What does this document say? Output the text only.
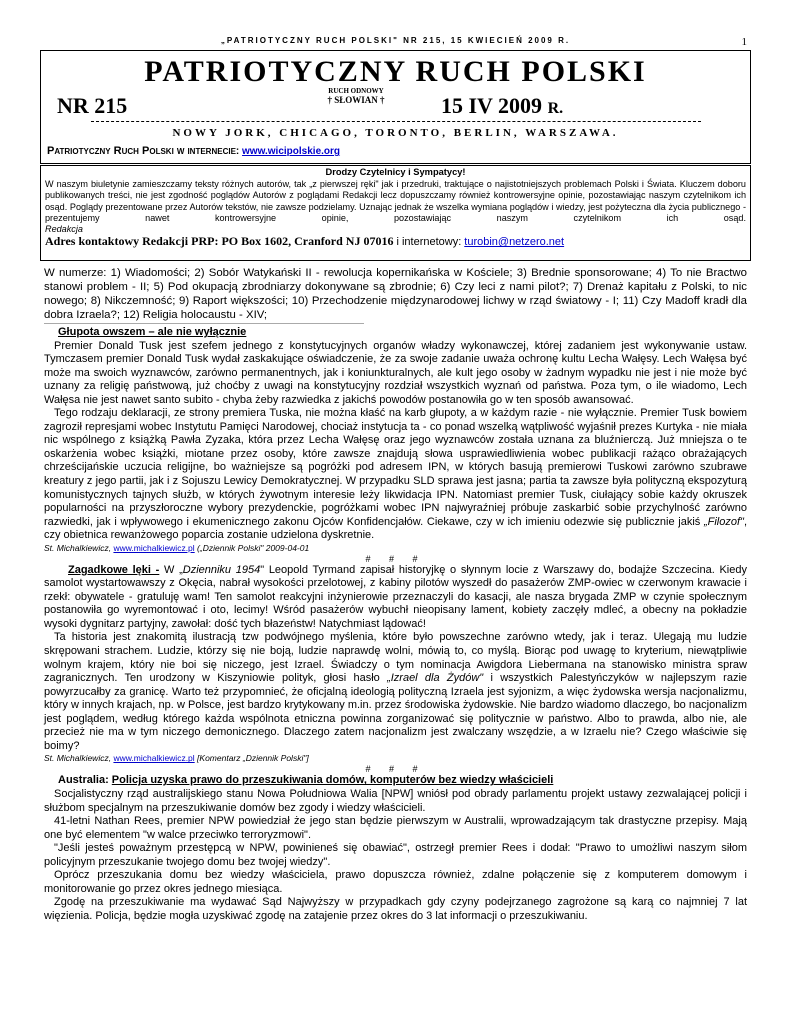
„PATRIOTYCZNY RUCH POLSKI" NR 215, 15 KWIECIEŃ 2009 R.	1
PATRIOTYCZNY RUCH POLSKI
NR 215
RUCH ODNOWY
† SŁOWIAN †	15 IV 2009 R.
NOWY JORK, CHICAGO, TORONTO, BERLIN, WARSZAWA.
Patriotyczny Ruch Polski w internecie: www.wicipolskie.org
Drodzy Czytelnicy i Sympatycy!
W naszym biuletynie zamieszczamy teksty różnych autorów, tak „z pierwszej ręki" jak i przedruki, traktujące o najistotniejszych problemach Polski i Świata. Kluczem doboru publikowanych treści, nie jest zgodność poglądów Autorów z poglądami Redakcji lecz dopuszczamy również kontrowersyjne opinie, pozostawiając naszym czytelnikom ich osąd. Poglądy prezentowane przez Autorów tekstów, nie zawsze podzielamy. Uznając jednak że wszelka wymiana poglądów i wiedzy, jest pożyteczna dla życia publicznego - prezentujemy nawet kontrowersyjne opinie, pozostawiając naszym czytelnikom ich osąd.
Redakcja
Adres kontaktowy Redakcji PRP: PO Box 1602, Cranford NJ 07016 i internetowy: turobin@netzero.net
W numerze: 1) Wiadomości; 2) Sobór Watykański II - rewolucja kopernikańska w Kościele; 3) Brednie sponsorowane; 4) To nie Bractwo stanowi problem - II; 5) Pod okupacją zbrodniarzy dokonywane są zbrodnie; 6) Czy leci z nami pilot?; 7) Drenaż kapitału z Polski, to nic nowego; 8) Nikczemność; 9) Raport większości; 10) Przechodzenie międzynarodowej lichwy w rząd światowy - I; 11) Czy Madoff kradł dla dobra Izraela?; 12) Religia holocaustu - XIV;
Głupota owszem – ale nie wyłącznie

Premier Donald Tusk jest szefem jednego z konstytucyjnych organów władzy wykonawczej, której zadaniem jest wykonywanie ustaw. Tymczasem premier Donald Tusk wydał zaskakujące oświadczenie, że za swoje zadanie uważa ochronę kultu Lecha Wałęsy. Lech Wałęsa być może ma swoich wyznawców, zarówno permanentnych, jak i koniunkturalnych, ale kult jego osoby w żadnym wypadku nie jest i nie może być uznany za religię państwową, już choćby z uwagi na konstytucyjny rozdział wszystkich wyznań od państwa. Poza tym, o ile wiadomo, Lech Wałęsa nie jest nawet santo subito - chyba żeby razwiedka z jakichś powodów postanowiła go w ten sposób awansować.

Tego rodzaju deklaracji, ze strony premiera Tuska, nie można kłaść na karb głupoty, a w każdym razie - nie wyłącznie. Premier Tusk bowiem zagroził represjami wobec Instytutu Pamięci Narodowej, chociaż instytucja ta - co ponad wszelką wątpliwość wyjaśnił prezes Kurtyka - nie miała nic wspólnego z książką Pawła Zyzaka, która przez Lecha Wałęsę oraz jego wyznawców została uznana za bluźnierczą. Już mniejsza o te oskarżenia wobec książki, miotane przez osoby, które zawsze znajdują słowa usprawiedliwienia wobec publikacji rażąco obrażających chrześcijańskie uczucia religijne, bo ważniejsze są pogróżki pod adresem IPN, w których basują premierowi Tuskowi zarówno szubrawe kreatury z jego partii, jak i z Sojuszu Lewicy Demokratycznej. W przypadku SLD sprawa jest jasna; partia ta zawsze była polityczną ekspozyturą komunistycznych tajnych służb, w których żywotnym interesie leży likwidacja IPN. Natomiast premier Tusk, ciułający sobie każdy okruszek popularności na przyszłoroczne wybory prezydenckie, pogróżkami wobec IPN najwyraźniej próbuje zaskarbić sobie przychylność zarówno razwiedki, jak i wpływowego i ekumenicznego zakonu Ojców Konfidencjałów. Ciekawe, czy w ich imieniu odezwie się publicznie jakiś „Filozof", czy obietnica rewanżowego poparcia zostanie udzielona dyskretnie.

St. Michalkiewicz, www.michalkiewicz.pl („Dziennik Polski" 2009-04-01
# # #

Zagadkowe lęki - W „Dzienniku 1954" Leopold Tyrmand zapisał historyjkę o słynnym locie z Warszawy do, bodajże Szczecina. Kiedy samolot wystartowawszy z Okęcia, nabrał wysokości przelotowej, z kabiny pilotów wyszedł do pasażerów ZMP-owiec w czerwonym krawacie i rzekł: obywatele - gratuluję wam! Ten samolot reakcyjni inżynierowie przeznaczyli do kasacji, ale nasza brygada ZMP w czynie społecznym postanowiła go wyremontować i oto, lecimy! Wśród pasażerów wybuchł nieopisany lament, kobiety zaczęły mdleć, a obecny na pokładzie wysoki dygnitarz partyjny, zawołał: dość tych błazeństw! Natychmiast lądować!

Ta historia jest znakomitą ilustracją tzw podwójnego myślenia, które było powszechne zarówno wtedy, jak i teraz. Ulegają mu ludzie skrępowani strachem. Ludzie, którzy się nie boją, ludzie naprawdę wolni, mówią to, co myślą. Biorąc pod uwagę to kryterium, niewątpliwie wolnym krajem, który nie boi się niczego, jest Izrael. Świadczy o tym nominacja Awigdora Liebermana na stanowisko ministra spraw zagranicznych. Ten urodzony w Kiszyniowie polityk, głosi hasło „Izrael dla Żydów" i wszystkich Palestyńczyków w najlepszym razie powyrzucałby za granicę. Warto też przypomnieć, że oficjalną ideologią polityczną Izraela jest syjonizm, a więc żydowska wersja nacjonalizmu, który w innych krajach, np. w Polsce, jest bardzo krytykowany m.in. przez środowiska żydowskie. Nie bardzo wiadomo dlaczego, bo nacjonalizm jest poglądem, według którego każda wspólnota etniczna powinna zorganizować się politycznie w państwo. Albo to prawda, albo nie, ale przecież nie ma w tym niczego demonicznego. Dlaczego zatem nacjonalizm jest zwalczany wszędzie, a w Izraelu nie? Czego właściwie się boimy?

St. Michalkiewicz, www.michalkiewicz.pl [Komentarz „Dziennik Polski"]
# # #
Australia: Policja uzyska prawo do przeszukiwania domów, komputerów bez wiedzy właścicieli

Socjalistyczny rząd australijskiego stanu Nowa Południowa Walia [NPW] wniósł pod obrady parlamentu projekt ustawy zezwalającej policji i służbom specjalnym na przeszukiwanie domów bez zgody i wiedzy właścicieli.

41-letni Nathan Rees, premier NPW powiedział że jego stan będzie pierwszym w Australii, wprowadzającym tak drastyczne przepisy. Mają one być elementem "w walce przeciwko terroryzmowi".

"Jeśli jesteś poważnym przestępcą w NPW, powinieneś się obawiać", ostrzegł premier Rees i dodał: "Prawo to umożliwi naszym siłom policyjnym przeszukanie twojego domu bez twojej wiedzy".

Oprócz przeszukania domu bez wiedzy właściciela, prawo dopuszcza również, zdalne połączenie się z komputerem domowym i monitorowanie go przez okres jednego miesiąca.

Zgodę na przeszukiwanie ma wydawać Sąd Najwyższy w przypadkach gdy czyny podejrzanego zagrożone są karą co najmniej 7 lat więzienia. Policja, będzie mogła uzyskiwać zgodę na zatajenie przez okres do 3 lat informacji o przeszukiwaniu.
